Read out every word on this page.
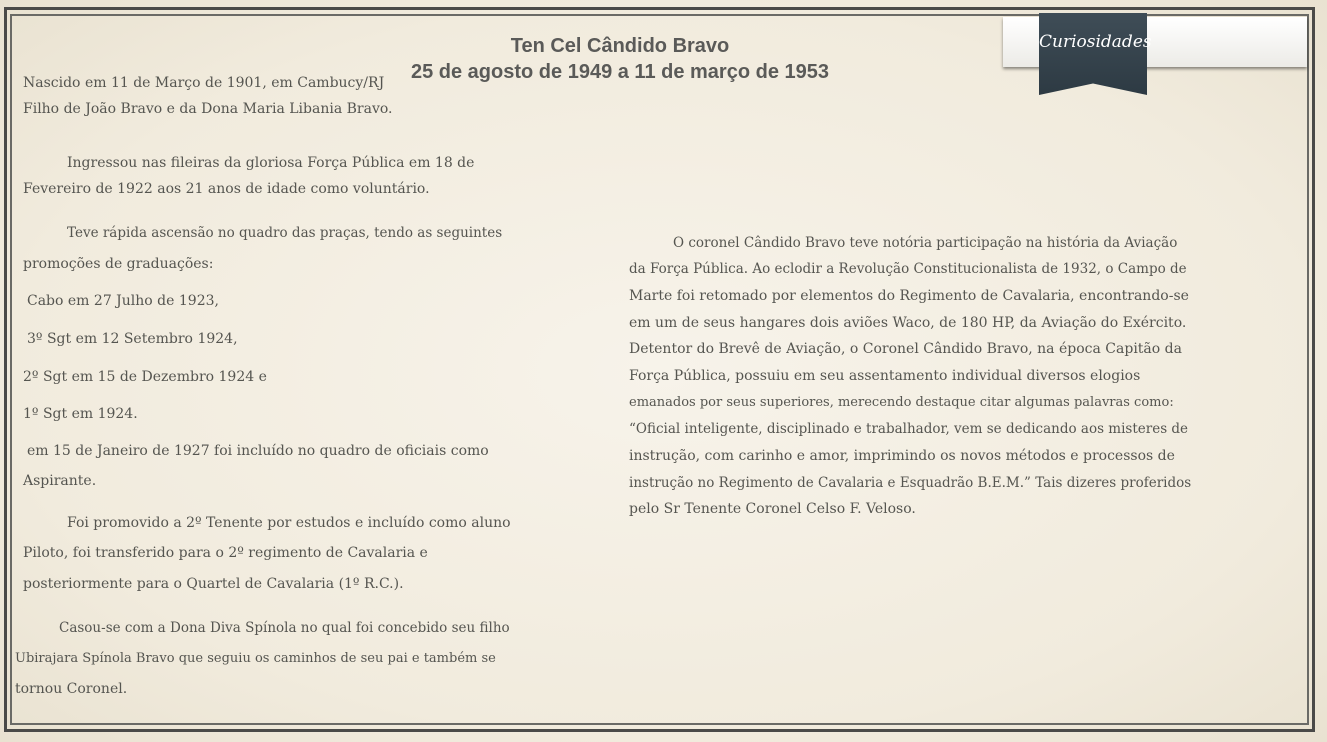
Ten Cel Cândido Bravo
25 de agosto de 1949 a 11 de março de 1953
Curiosidades
Nascido em 11 de Março de 1901, em Cambucy/RJ
Filho de João Bravo e da Dona Maria Libania Bravo.
Ingressou nas fileiras da gloriosa Força Pública em 18 de
Fevereiro de 1922 aos 21 anos de idade como voluntário.
Teve rápida ascensão no quadro das praças, tendo as seguintes
promoções de graduações:
Cabo em 27 Julho de 1923,
3º Sgt em 12 Setembro 1924,
2º Sgt em 15 de Dezembro 1924 e
1º Sgt em 1924.
em 15 de Janeiro de 1927 foi incluído no quadro de oficiais como
Aspirante.
Foi promovido a 2º Tenente por estudos e incluído como aluno
Piloto, foi transferido para o 2º regimento de Cavalaria e
posteriormente para o Quartel de Cavalaria (1º R.C.).
Casou-se com a Dona Diva Spínola no qual foi concebido seu filho
Ubirajara Spínola Bravo que seguiu os caminhos de seu pai e também se
tornou Coronel.
O coronel Cândido Bravo teve notória participação na história da Aviação
da Força Pública. Ao eclodir a Revolução Constitucionalista de 1932, o Campo de
Marte foi retomado por elementos do Regimento de Cavalaria, encontrando-se
em um de seus hangares dois aviões Waco, de 180 HP, da Aviação do Exército.
Detentor do Brevê de Aviação, o Coronel Cândido Bravo, na época Capitão da
Força Pública, possuiu em seu assentamento individual diversos elogios
emanados por seus superiores, merecendo destaque citar algumas palavras como:
“Oficial inteligente, disciplinado e trabalhador, vem se dedicando aos misteres de
instrução, com carinho e amor, imprimindo os novos métodos e processos de
instrução no Regimento de Cavalaria e Esquadrão B.E.M.” Tais dizeres proferidos
pelo Sr Tenente Coronel Celso F. Veloso.
